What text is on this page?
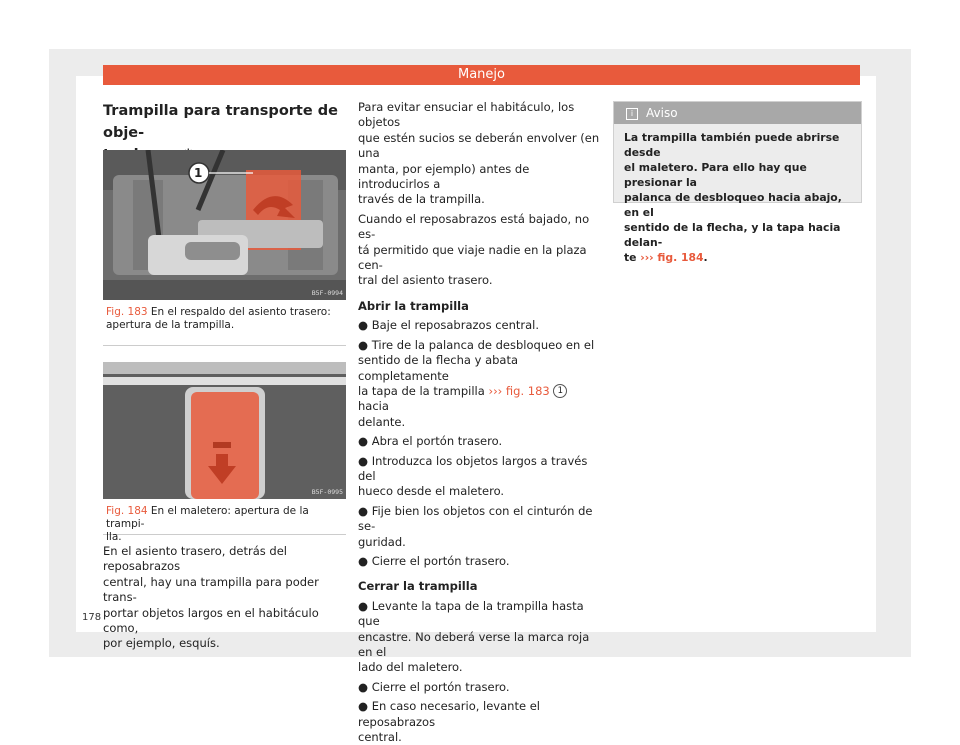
Manejo
Trampilla para transporte de obje-

B5F-0994
1
Fig. 183 En el respaldo del asiento trasero:
apertura de la trampilla.
B5F-0995
Fig. 184 En el maletero: apertura de la trampi-
lla.
En el asiento trasero, detrás del reposabrazos
central, hay una trampilla para poder trans-
portar objetos largos en el habitáculo como,
por ejemplo, esquís.
Para evitar ensuciar el habitáculo, los objetos
que estén sucios se deberán envolver (en una
manta, por ejemplo) antes de introducirlos a
través de la trampilla.
Cuando el reposabrazos está bajado, no es-
tá permitido que viaje nadie en la plaza cen-
tral del asiento trasero.
Abrir la trampilla
● Baje el reposabrazos central.
● Tire de la palanca de desbloqueo en el
sentido de la flecha y abata completamente
la tapa de la trampilla ››› fig. 183 1 hacia
delante.
● Abra el portón trasero.
● Introduzca los objetos largos a través del
hueco desde el maletero.
● Fije bien los objetos con el cinturón de se-
guridad.
● Cierre el portón trasero.
Cerrar la trampilla
● Levante la tapa de la trampilla hasta que
encastre. No deberá verse la marca roja en el
lado del maletero.
● Cierre el portón trasero.
● En caso necesario, levante el reposabrazos
central.
i Aviso
La trampilla también puede abrirse desde
el maletero. Para ello hay que presionar la
palanca de desbloqueo hacia abajo, en el
sentido de la flecha, y la tapa hacia delan-
te ››› fig. 184.
178
